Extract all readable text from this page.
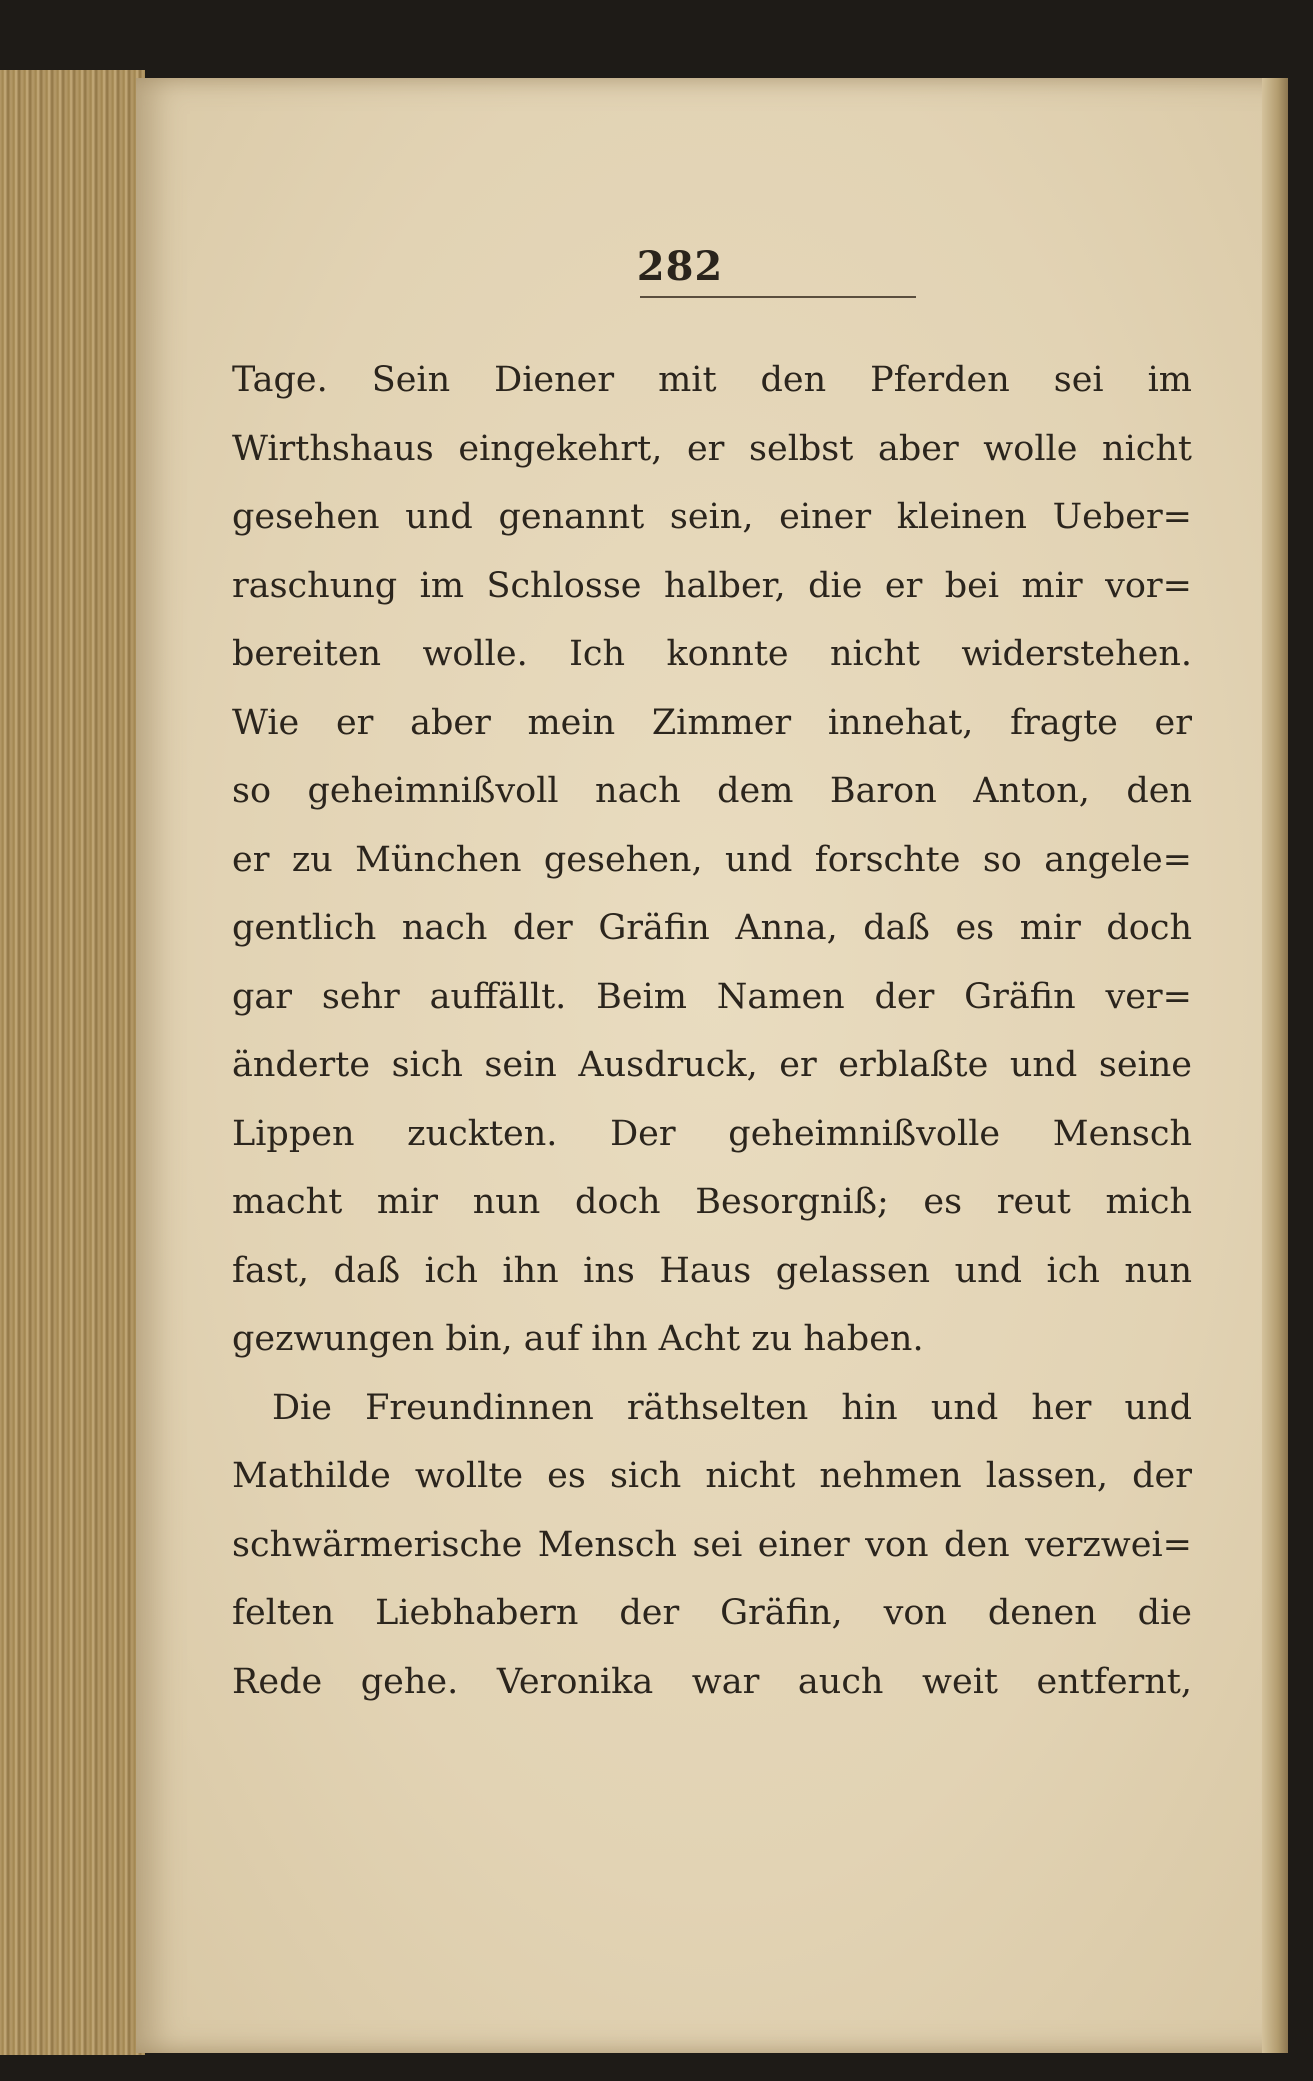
282
Tage. Sein Diener mit den Pferden sei im
Wirthshaus eingekehrt, er selbst aber wolle nicht
gesehen und genannt sein, einer kleinen Ueber=
raschung im Schlosse halber, die er bei mir vor=
bereiten wolle. Ich konnte nicht widerstehen.
Wie er aber mein Zimmer innehat, fragte er
so geheimnißvoll nach dem Baron Anton, den
er zu München gesehen, und forschte so angele=
gentlich nach der Gräfin Anna, daß es mir doch
gar sehr auffällt. Beim Namen der Gräfin ver=
änderte sich sein Ausdruck, er erblaßte und seine
Lippen zuckten. Der geheimnißvolle Mensch
macht mir nun doch Besorgniß; es reut mich
fast, daß ich ihn ins Haus gelassen und ich nun
gezwungen bin, auf ihn Acht zu haben.
Die Freundinnen räthselten hin und her und
Mathilde wollte es sich nicht nehmen lassen, der
schwärmerische Mensch sei einer von den verzwei=
felten Liebhabern der Gräfin, von denen die
Rede gehe. Veronika war auch weit entfernt,
